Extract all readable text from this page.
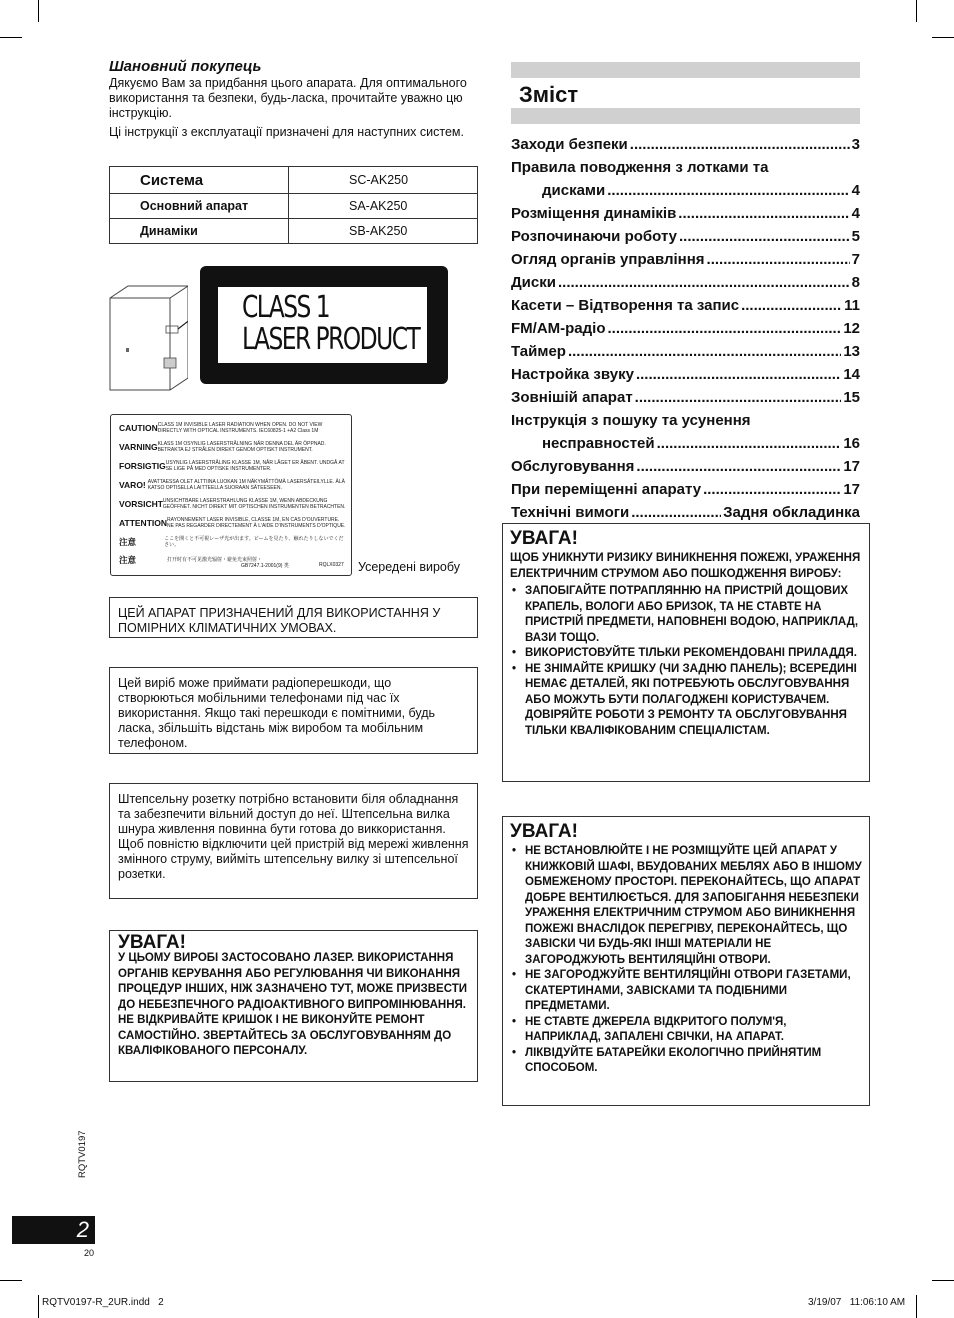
Шановний покупець

Дякуємо Вам за придбання цього апарата. Для оптимального використання та безпеки, будь-ласка, прочитайте уважно цю інструкцію.

Ці інструкції з експлуатації призначені для наступних систем.

Система	SC-AK250
Основний апарат	SA-AK250
Динаміки	SB-AK250
CLASS 1
LASER PRODUCT
CAUTION CLASS 1M INVISIBLE LASER RADIATION WHEN OPEN. DO NOT VIEW DIRECTLY WITH OPTICAL INSTRUMENTS. IEC60825-1 +A2 Class 1M
VARNING KLASS 1M OSYNLIG LASERSTRÅLNING NÄR DENNA DEL ÄR ÖPPNAD. BETRAKTA EJ STRÅLEN DIREKT GENOM OPTISKT INSTRUMENT.
FORSIGTIG USYNLIG LASERSTRÅLING KLASSE 1M, NÅR LÅGET ER ÅBENT. UNDGÅ AT SE LIGE PÅ MED OPTISKE INSTRUMENTER.
VARO! AVATTAESSA OLET ALTTIINA LUOKAN 1M NÄKYMÄTTÖMÄ LASERSÄTEILYLLE. ÄLÄ KATSO OPTISELLA LAITTEELLA SUORAAN SÄTEESEEN.
VORSICHT UNSICHTBARE LASERSTRAHLUNG KLASSE 1M, WENN ABDECKUNG GEÖFFNET. NICHT DIREKT MIT OPTISCHEN INSTRUMENTEN BETRACHTEN.
ATTENTION RAYONNEMENT LASER INVISIBLE, CLASSE 1M, EN CAS D'OUVERTURE. NE PAS REGARDER DIRECTEMENT À L'AIDE D'INSTRUMENTS D'OPTIQUE.
注意	ここを開くと不可視レーザ光が出ます。ビームを見たり、触れたりしないでください。
注意	打开时有不可见激光辐射・避免光束照射・
GB7247.1-2001(9) 类	RQLX0327 Усередені виробу
ЦЕЙ АПАРАТ ПРИЗНАЧЕНИЙ ДЛЯ ВИКОРИСТАННЯ У ПОМІРНИХ КЛІМАТИЧНИХ УМОВАХ.
Цей виріб може приймати радіоперешкоди, що створюються мобільними телефонами під час їх використання. Якщо такі перешкоди є помітними, будь ласка, збільшіть відстань між виробом та мобільним телефоном.
Штепсельну розетку потрібно встановити біля обладнання та забезпечити вільний доступ до неї. Штепсельна вилка шнура живлення повинна бути готова до виккористання. Щоб повністю відключити цей пристрій від мережі живлення змінного струму, вийміть штепсельну вилку зі штепсельної розетки.
УВАГА!
У ЦЬОМУ ВИРОБІ ЗАСТОСОВАНО ЛАЗЕР. ВИКОРИСТАННЯ ОРГАНІВ КЕРУВАННЯ АБО РЕГУЛЮВАННЯ ЧИ ВИКОНАННЯ ПРОЦЕДУР ІНШИХ, НІЖ ЗАЗНАЧЕНО ТУТ, МОЖЕ ПРИЗВЕСТИ ДО НЕБЕЗПЕЧНОГО РАДІОАКТИВНОГО ВИПРОМІНЮВАННЯ. НЕ ВІДКРИВАЙТЕ КРИШОК І НЕ ВИКОНУЙТЕ РЕМОНТ САМОСТІЙНО. ЗВЕРТАЙТЕСЬ ЗА ОБСЛУГОВУВАННЯМ ДО КВАЛІФІКОВАНОГО ПЕРСОНАЛУ.
Зміст
Заходи безпеки .....	3
Правила поводження з лотками та
дисками .....	4
Розміщення динаміків .....	4
Розпочинаючи роботу .....	5
Огляд органів управління .....	7
Диски .....	8
Касети – Відтворення та запис .....	11
FM/AM-радіо .....	12
Таймер .....	13
Настройка звуку .....	14
Зовнішій апарат .....	15
Інструкція з пошуку та усунення
несправностей .....	16
Обслуговування .....	17
При переміщенні апарату .....	17
Технічні вимоги .....	Задня обкладинка
УВАГА!
ЩОБ УНИКНУТИ РИЗИКУ ВИНИКНЕННЯ ПОЖЕЖІ, УРАЖЕННЯ ЕЛЕКТРИЧНИМ СТРУМОМ АБО ПОШКОДЖЕННЯ ВИРОБУ:
• ЗАПОБІГАЙТЕ ПОТРАПЛЯННЮ НА ПРИСТРІЙ ДОЩОВИХ КРАПЕЛЬ, ВОЛОГИ АБО БРИЗОК, ТА НЕ СТАВТЕ НА ПРИСТРІЙ ПРЕДМЕТИ, НАПОВНЕНІ ВОДОЮ, НАПРИКЛАД, ВАЗИ ТОЩО.
• ВИКОРИСТОВУЙТЕ ТІЛЬКИ РЕКОМЕНДОВАНІ ПРИЛАДДЯ.
• НЕ ЗНІМАЙТЕ КРИШКУ (ЧИ ЗАДНЮ ПАНЕЛЬ); ВСЕРЕДИНІ НЕМАЄ ДЕТАЛЕЙ, ЯКІ ПОТРЕБУЮТЬ ОБСЛУГОВУВАННЯ АБО МОЖУТЬ БУТИ ПОЛАГОДЖЕНІ КОРИСТУВАЧЕМ. ДОВІРЯЙТЕ РОБОТИ З РЕМОНТУ ТА ОБСЛУГОВУВАННЯ ТІЛЬКИ КВАЛІФІКОВАНИМ СПЕЦІАЛІСТАМ.
УВАГА!
• НЕ ВСТАНОВЛЮЙТЕ І НЕ РОЗМІЩУЙТЕ ЦЕЙ АПАРАТ У КНИЖКОВІЙ ШАФІ, ВБУДОВАНИХ МЕБЛЯХ АБО В ІНШОМУ ОБМЕЖЕНОМУ ПРОСТОРІ. ПЕРЕКОНАЙТЕСЬ, ЩО АПАРАТ ДОБРЕ ВЕНТИЛЮЄТЬСЯ. ДЛЯ ЗАПОБІГАННЯ НЕБЕЗПЕКИ УРАЖЕННЯ ЕЛЕКТРИЧНИМ СТРУМОМ АБО ВИНИКНЕННЯ ПОЖЕЖІ ВНАСЛІДОК ПЕРЕГРІВУ, ПЕРЕКОНАЙТЕСЬ, ЩО ЗАВІСКИ ЧИ БУДЬ-ЯКІ ІНШІ МАТЕРІАЛИ НЕ ЗАГОРОДЖУЮТЬ ВЕНТИЛЯЦІЙНІ ОТВОРИ.
• НЕ ЗАГОРОДЖУЙТЕ ВЕНТИЛЯЦІЙНІ ОТВОРИ ГАЗЕТАМИ, СКАТЕРТИНАМИ, ЗАВІСКАМИ ТА ПОДІБНИМИ ПРЕДМЕТАМИ.
• НЕ СТАВТЕ ДЖЕРЕЛА ВІДКРИТОГО ПОЛУМ'Я, НАПРИКЛАД, ЗАПАЛЕНІ СВІЧКИ, НА АПАРАТ.
• ЛІКВІДУЙТЕ БАТАРЕЙКИ ЕКОЛОГІЧНО ПРИЙНЯТИМ СПОСОБОМ.
RQTV0197
2
20
RQTV0197-R_2UR.indd   2	3/19/07   11:06:10 AM
